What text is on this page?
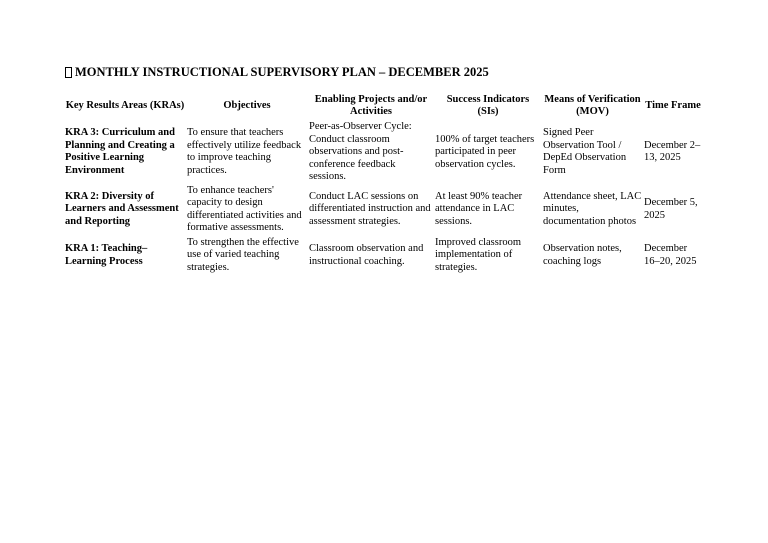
MONTHLY INSTRUCTIONAL SUPERVISORY PLAN – DECEMBER 2025
Key Results Areas (KRAs)	Objectives	Enabling Projects and/or Activities	Success Indicators (SIs)	Means of Verification (MOV)	Time Frame
KRA 3: Curriculum and Planning and Creating a Positive Learning Environment	To ensure that teachers effectively utilize feedback to improve teaching practices.	Peer-as-Observer Cycle: Conduct classroom observations and post-conference feedback sessions.	100% of target teachers participated in peer observation cycles.	Signed Peer Observation Tool / DepEd Observation Form	December 2–13, 2025
KRA 2: Diversity of Learners and Assessment and Reporting	To enhance teachers' capacity to design differentiated activities and formative assessments.	Conduct LAC sessions on differentiated instruction and assessment strategies.	At least 90% teacher attendance in LAC sessions.	Attendance sheet, LAC minutes, documentation photos	December 5, 2025
KRA 1: Teaching–Learning Process	To strengthen the effective use of varied teaching strategies.	Classroom observation and instructional coaching.	Improved classroom implementation of strategies.	Observation notes, coaching logs	December 16–20, 2025
